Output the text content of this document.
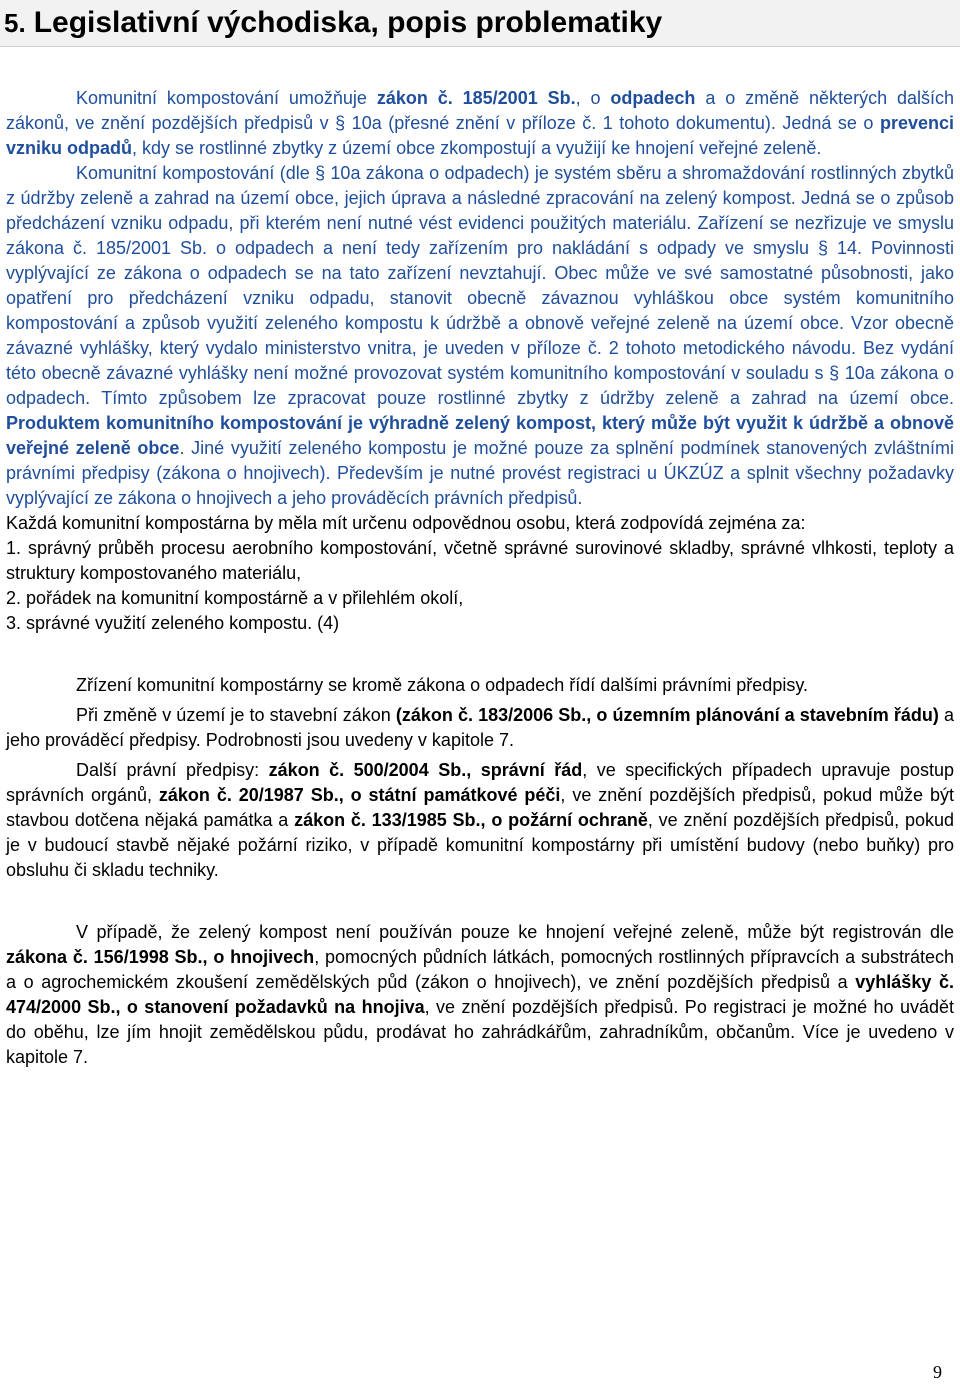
5. Legislativní východiska, popis problematiky

Komunitní kompostování umožňuje zákon č. 185/2001 Sb., o odpadech a o změně některých dalších zákonů, ve znění pozdějších předpisů v § 10a (přesné znění v příloze č. 1 tohoto dokumentu). Jedná se o prevenci vzniku odpadů, kdy se rostlinné zbytky z území obce zkompostují a využijí ke hnojení veřejné zeleně.

Komunitní kompostování (dle § 10a zákona o odpadech) je systém sběru a shromaždování rostlinných zbytků z údržby zeleně a zahrad na území obce, jejich úprava a následné zpracování na zelený kompost. Jedná se o způsob předcházení vzniku odpadu, při kterém není nutné vést evidenci použitých materiálu. Zařízení se nezřizuje ve smyslu zákona č. 185/2001 Sb. o odpadech a není tedy zařízením pro nakládání s odpady ve smyslu § 14. Povinnosti vyplývající ze zákona o odpadech se na tato zařízení nevztahují. Obec může ve své samostatné působnosti, jako opatření pro předcházení vzniku odpadu, stanovit obecně závaznou vyhláškou obce systém komunitního kompostování a způsob využití zeleného kompostu k údržbě a obnově veřejné zeleně na území obce. Vzor obecně závazné vyhlášky, který vydalo ministerstvo vnitra, je uveden v příloze č. 2 tohoto metodického návodu. Bez vydání této obecně závazné vyhlášky není možné provozovat systém komunitního kompostování v souladu s § 10a zákona o odpadech. Tímto způsobem lze zpracovat pouze rostlinné zbytky z údržby zeleně a zahrad na území obce. Produktem komunitního kompostování je výhradně zelený kompost, který může být využit k údržbě a obnově veřejné zeleně obce. Jiné využití zeleného kompostu je možné pouze za splnění podmínek stanovených zvláštními právními předpisy (zákona o hnojivech). Především je nutné provést registraci u ÚKZÚZ a splnit všechny požadavky vyplývající ze zákona o hnojivech a jeho prováděcích právních předpisů.

Každá komunitní kompostárna by měla mít určenu odpovědnou osobu, která zodpovídá zejména za:

1. správný průběh procesu aerobního kompostování, včetně správné surovinové skladby, správné vlhkosti, teploty a struktury kompostovaného materiálu,

2. pořádek na komunitní kompostárně a v přilehlém okolí,

3. správné využití zeleného kompostu. (4)

Zřízení komunitní kompostárny se kromě zákona o odpadech řídí dalšími právními předpisy.

Při změně v území je to stavební zákon (zákon č. 183/2006 Sb., o územním plánování a stavebním řádu) a jeho prováděcí předpisy. Podrobnosti jsou uvedeny v kapitole 7.

Další právní předpisy: zákon č. 500/2004 Sb., správní řád, ve specifických případech upravuje postup správních orgánů, zákon č. 20/1987 Sb., o státní památkové péči, ve znění pozdějších předpisů, pokud může být stavbou dotčena nějaká památka a zákon č. 133/1985 Sb., o požární ochraně, ve znění pozdějších předpisů, pokud je v budoucí stavbě nějaké požární riziko, v případě komunitní kompostárny při umístění budovy (nebo buňky) pro obsluhu či skladu techniky.

V případě, že zelený kompost není používán pouze ke hnojení veřejné zeleně, může být registrován dle zákona č. 156/1998 Sb., o hnojivech, pomocných půdních látkách, pomocných rostlinných přípravcích a substrátech a o agrochemickém zkoušení zemědělských půd (zákon o hnojivech), ve znění pozdějších předpisů a vyhlášky č. 474/2000 Sb., o stanovení požadavků na hnojiva, ve znění pozdějších předpisů. Po registraci je možné ho uvádět do oběhu, lze jím hnojit zemědělskou půdu, prodávat ho zahrádkářům, zahradníkům, občanům. Více je uvedeno v kapitole 7.

9
